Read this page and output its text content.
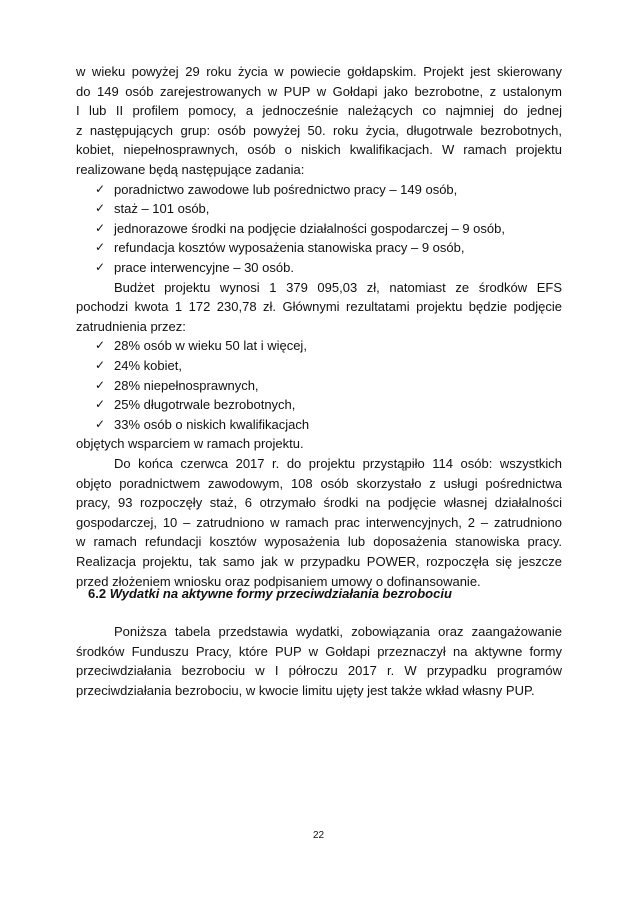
w wieku powyżej 29 roku życia w powiecie gołdapskim. Projekt jest skierowany
do 149 osób zarejestrowanych w PUP w Gołdapi jako bezrobotne, z ustalonym
I lub II profilem pomocy, a jednocześnie należących co najmniej do jednej
z następujących grup: osób powyżej 50. roku życia, długotrwale bezrobotnych,
kobiet, niepełnosprawnych, osób o niskich kwalifikacjach. W ramach projektu
realizowane będą następujące zadania:
✓ poradnictwo zawodowe lub pośrednictwo pracy – 149 osób,
✓ staż – 101 osób,
✓ jednorazowe środki na podjęcie działalności gospodarczej – 9 osób,
✓ refundacja kosztów wyposażenia stanowiska pracy – 9 osób,
✓ prace interwencyjne – 30 osób.
Budżet projektu wynosi 1 379 095,03 zł, natomiast ze środków EFS
pochodzi kwota 1 172 230,78 zł. Głównymi rezultatami projektu będzie podjęcie
zatrudnienia przez:
✓ 28% osób w wieku 50 lat i więcej,
✓ 24% kobiet,
✓ 28% niepełnosprawnych,
✓ 25% długotrwale bezrobotnych,
✓ 33% osób o niskich kwalifikacjach
objętych wsparciem w ramach projektu.
Do końca czerwca 2017 r. do projektu przystąpiło 114 osób: wszystkich
objęto poradnictwem zawodowym, 108 osób skorzystało z usługi pośrednictwa
pracy, 93 rozpoczęły staż, 6 otrzymało środki na podjęcie własnej działalności
gospodarczej, 10 – zatrudniono w ramach prac interwencyjnych, 2 – zatrudniono
w ramach refundacji kosztów wyposażenia lub doposażenia stanowiska pracy.
Realizacja projektu, tak samo jak w przypadku POWER, rozpoczęła się jeszcze
przed złożeniem wniosku oraz podpisaniem umowy o dofinansowanie.
6.2 Wydatki na aktywne formy przeciwdziałania bezrobociu
Poniższa tabela przedstawia wydatki, zobowiązania oraz zaangażowanie
środków Funduszu Pracy, które PUP w Gołdapi przeznaczył na aktywne formy
przeciwdziałania bezrobociu w I półroczu 2017 r. W przypadku programów
przeciwdziałania bezrobociu, w kwocie limitu ujęty jest także wkład własny PUP.
22
